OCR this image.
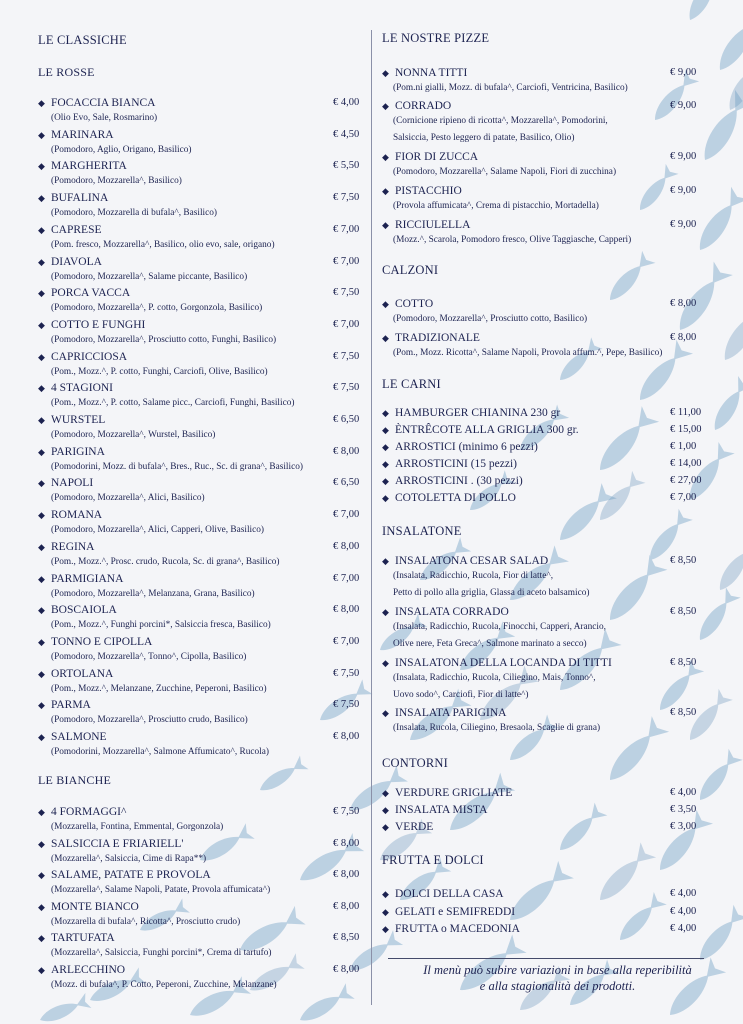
LE CLASSICHE
LE ROSSE
◆ FOCACCIA BIANCA	€ 4,00
(Olio Evo, Sale, Rosmarino)
◆ MARINARA	€ 4,50
(Pomodoro, Aglio, Origano, Basilico)
◆ MARGHERITA	€ 5,50
(Pomodoro, Mozzarella^, Basilico)
◆ BUFALINA	€ 7,50
(Pomodoro, Mozzarella di bufala^, Basilico)
◆ CAPRESE	€ 7,00
(Pom. fresco, Mozzarella^, Basilico, olio evo, sale, origano)
◆ DIAVOLA	€ 7,00
(Pomodoro, Mozzarella^, Salame piccante, Basilico)
◆ PORCA VACCA	€ 7,50
(Pomodoro, Mozzarella^, P. cotto, Gorgonzola, Basilico)
◆ COTTO E FUNGHI	€ 7,00
(Pomodoro, Mozzarella^, Prosciutto cotto, Funghi, Basilico)
◆ CAPRICCIOSA	€ 7,50
(Pom., Mozz.^, P. cotto, Funghi, Carciofi, Olive, Basilico)
◆ 4 STAGIONI	€ 7,50
(Pom., Mozz.^, P. cotto, Salame picc., Carciofi, Funghi, Basilico)
◆ WURSTEL	€ 6,50
(Pomodoro, Mozzarella^, Wurstel, Basilico)
◆ PARIGINA	€ 8,00
(Pomodorini, Mozz. di bufala^, Bres., Ruc., Sc. di grana^, Basilico)
◆ NAPOLI	€ 6,50
(Pomodoro, Mozzarella^, Alici, Basilico)
◆ ROMANA	€ 7,00
(Pomodoro, Mozzarella^, Alici, Capperi, Olive, Basilico)
◆ REGINA	€ 8,00
(Pom., Mozz.^, Prosc. crudo, Rucola, Sc. di grana^, Basilico)
◆ PARMIGIANA	€ 7,00
(Pomodoro, Mozzarella^, Melanzana, Grana, Basilico)
◆ BOSCAIOLA	€ 8,00
(Pom., Mozz.^, Funghi porcini*, Salsiccia fresca, Basilico)
◆ TONNO E CIPOLLA	€ 7,00
(Pomodoro, Mozzarella^, Tonno^, Cipolla, Basilico)
◆ ORTOLANA	€ 7,50
(Pom., Mozz.^, Melanzane, Zucchine, Peperoni, Basilico)
◆ PARMA	€ 7,50
(Pomodoro, Mozzarella^, Prosciutto crudo, Basilico)
◆ SALMONE	€ 8,00
(Pomodorini, Mozzarella^, Salmone Affumicato^, Rucola)
LE BIANCHE
◆ 4 FORMAGGI^	€ 7,50
(Mozzarella, Fontina, Emmental, Gorgonzola)
◆ SALSICCIA E FRIARIELL'	€ 8,00
(Mozzarella^, Salsiccia, Cime di Rapa**)
◆ SALAME, PATATE E PROVOLA	€ 8,00
(Mozzarella^, Salame Napoli, Patate, Provola affumicata^)
◆ MONTE BIANCO	€ 8,00
(Mozzarella di bufala^, Ricotta^, Prosciutto crudo)
◆ TARTUFATA	€ 8,50
(Mozzarella^, Salsiccia, Funghi porcini*, Crema di tartufo)
◆ ARLECCHINO	€ 8,00
(Mozz. di bufala^, P. Cotto, Peperoni, Zucchine, Melanzane)
LE NOSTRE PIZZE
◆ NONNA TITTI	€ 9,00
(Pom.ni gialli, Mozz. di bufala^, Carciofi, Ventricina, Basilico)
◆ CORRADO	€ 9,00
(Cornicione ripieno di ricotta^, Mozzarella^, Pomodorini,
Salsiccia, Pesto leggero di patate, Basilico, Olio)
◆ FIOR DI ZUCCA	€ 9,00
(Pomodoro, Mozzarella^, Salame Napoli, Fiori di zucchina)
◆ PISTACCHIO	€ 9,00
(Provola affumicata^, Crema di pistacchio, Mortadella)
◆ RICCIULELLA	€ 9,00
(Mozz.^, Scarola, Pomodoro fresco, Olive Taggiasche, Capperi)
CALZONI
◆ COTTO	€ 8,00
(Pomodoro, Mozzarella^, Prosciutto cotto, Basilico)
◆ TRADIZIONALE	€ 8,00
(Pom., Mozz. Ricotta^, Salame Napoli, Provola affum.^, Pepe, Basilico)
LE CARNI
◆ HAMBURGER CHIANINA 230 gr	€ 11,00
◆ ÈNTRÊCOTE ALLA GRIGLIA 300 gr.	€ 15,00
◆ ARROSTICI (minimo 6 pezzi)	€ 1,00
◆ ARROSTICINI (15 pezzi)	€ 14,00
◆ ARROSTICINI . (30 pezzi)	€ 27,00
◆ COTOLETTA DI POLLO	€ 7,00
INSALATONE
◆ INSALATONA CESAR SALAD	€ 8,50
(Insalata, Radicchio, Rucola, Fior di latte^,
Petto di pollo alla griglia, Glassa di aceto balsamico)
◆ INSALATA CORRADO	€ 8,50
(Insalata, Radicchio, Rucola, Finocchi, Capperi, Arancio,
Olive nere, Feta Greca^, Salmone marinato a secco)
◆ INSALATONA DELLA LOCANDA DI TITTI	€ 8,50
(Insalata, Radicchio, Rucola, Ciliegino, Mais, Tonno^,
Uovo sodo^, Carciofi, Fior di latte^)
◆ INSALATA PARIGINA	€ 8,50
(Insalata, Rucola, Ciliegino, Bresaola, Scaglie di grana)
CONTORNI
◆ VERDURE GRIGLIATE	€ 4,00
◆ INSALATA MISTA	€ 3,50
◆ VERDE	€ 3,00
FRUTTA E DOLCI
◆ DOLCI DELLA CASA	€ 4,00
◆ GELATI e SEMIFREDDI	€ 4,00
◆ FRUTTA o MACEDONIA	€ 4,00
Il menù può subire variazioni in base alla reperibilità
e alla stagionalità dei prodotti.
